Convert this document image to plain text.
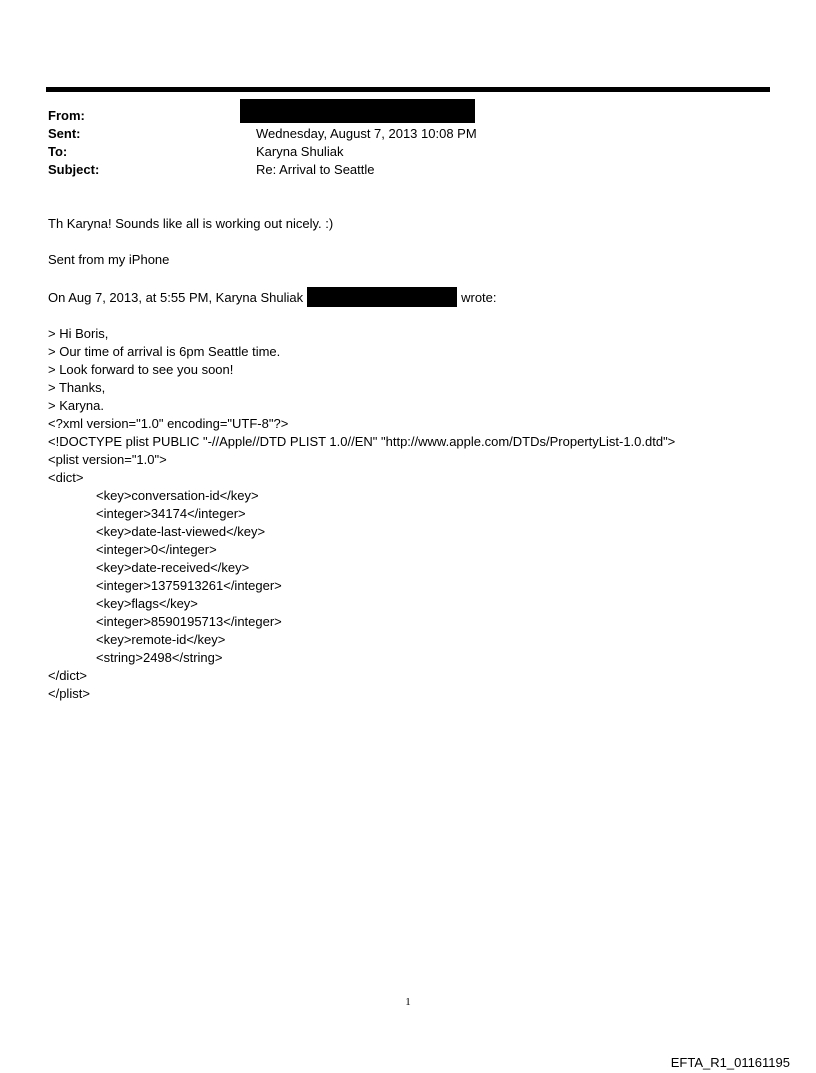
From:
Sent:	Wednesday, August 7, 2013 10:08 PM
To:	Karyna Shuliak
Subject:	Re: Arrival to Seattle

Th Karyna! Sounds like all is working out nicely. :)

Sent from my iPhone

On Aug 7, 2013, at 5:55 PM, Karyna Shuliak	wrote:

> Hi Boris,

> Our time of arrival is 6pm Seattle time.

> Look forward to see you soon!

> Thanks,

> Karyna.

<?xml version="1.0" encoding="UTF-8"?>

<!DOCTYPE plist PUBLIC "-//Apple//DTD PLIST 1.0//EN" "http://www.apple.com/DTDs/PropertyList-1.0.dtd">

<plist version="1.0">

<dict>

<key>conversation-id</key>

<integer>34174</integer>

<key>date-last-viewed</key>

<integer>0</integer>

<key>date-received</key>

<integer>1375913261</integer>

<key>flags</key>

<integer>8590195713</integer>

<key>remote-id</key>

<string>2498</string>

</dict>

</plist>

1
EFTA_R1_01161195
